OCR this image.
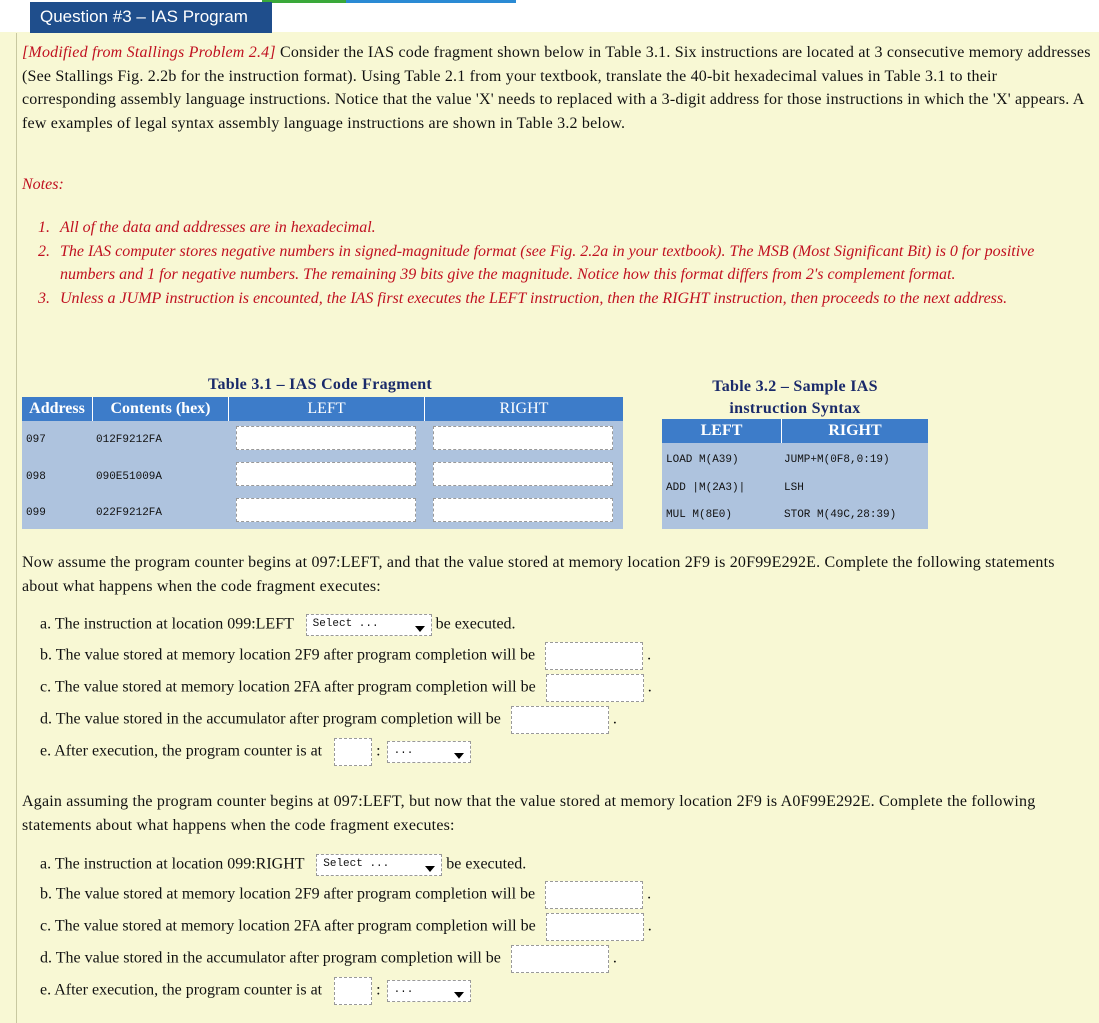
Question #3 – IAS Program
[Modified from Stallings Problem 2.4] Consider the IAS code fragment shown below in Table 3.1. Six instructions are located at 3 consecutive memory addresses (See Stallings Fig. 2.2b for the instruction format). Using Table 2.1 from your textbook, translate the 40-bit hexadecimal values in Table 3.1 to their corresponding assembly language instructions. Notice that the value 'X' needs to replaced with a 3-digit address for those instructions in which the 'X' appears. A few examples of legal syntax assembly language instructions are shown in Table 3.2 below.
Notes:
1. All of the data and addresses are in hexadecimal.
2. The IAS computer stores negative numbers in signed-magnitude format (see Fig. 2.2a in your textbook). The MSB (Most Significant Bit) is 0 for positive numbers and 1 for negative numbers. The remaining 39 bits give the magnitude. Notice how this format differs from 2's complement format.
3. Unless a JUMP instruction is encounted, the IAS first executes the LEFT instruction, then the RIGHT instruction, then proceeds to the next address.
Table 3.1 – IAS Code Fragment
Address	Contents (hex)	LEFT	RIGHT
097	012F9212FA
098	090E51009A
099	022F9212FA
Table 3.2 – Sample IAS
instruction Syntax
LEFT	RIGHT
LOAD M(A39)	JUMP+M(0F8,0:19)
ADD |M(2A3)|	LSH
MUL M(8E0)	STOR M(49C,28:39)
Now assume the program counter begins at 097:LEFT, and that the value stored at memory location 2F9 is 20F99E292E. Complete the following statements about what happens when the code fragment executes:
a. The instruction at location 099:LEFT Select ...	be executed.
b. The value stored at memory location 2F9 after program completion will be	.
c. The value stored at memory location 2FA after program completion will be	.
d. The value stored in the accumulator after program completion will be	.
e. After execution, the program counter is at	: ...
Again assuming the program counter begins at 097:LEFT, but now that the value stored at memory location 2F9 is A0F99E292E. Complete the following statements about what happens when the code fragment executes:
a. The instruction at location 099:RIGHT Select ...	be executed.
b. The value stored at memory location 2F9 after program completion will be	.
c. The value stored at memory location 2FA after program completion will be	.
d. The value stored in the accumulator after program completion will be	.
e. After execution, the program counter is at	: ...
